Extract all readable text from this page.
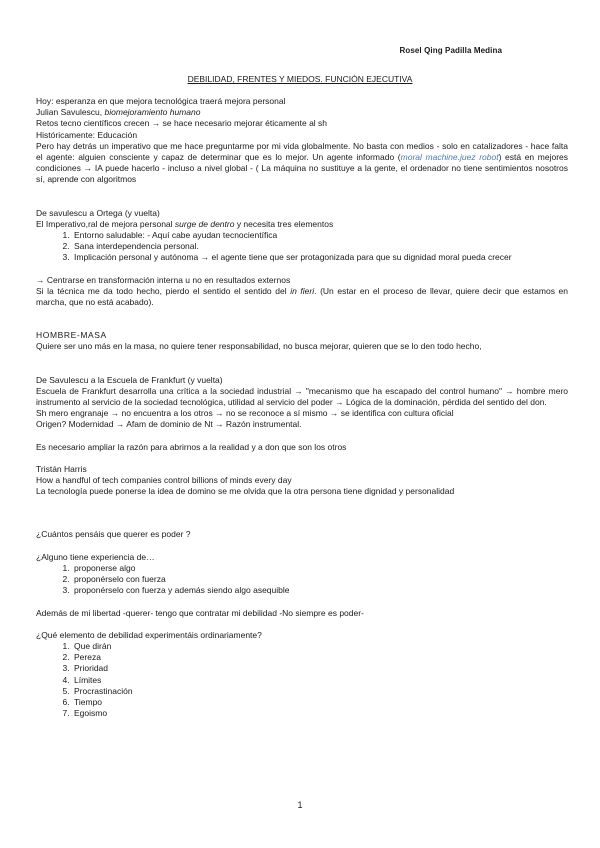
Rosel Qing Padilla Medina
DEBILIDAD, FRENTES Y MIEDOS. FUNCIÓN EJECUTIVA

Hoy: esperanza en que mejora tecnológica traerá mejora personal

Julian Savulescu, biomejoramiento humano

Retos tecno científicos crecen → se hace necesario mejorar éticamente al sh

Históricamente: Educación

Pero hay detrás un imperativo que me hace preguntarme por mi vida globalmente. No basta con medios - solo en catalizadores - hace falta el agente: alguien consciente y capaz de determinar que es lo mejor. Un agente informado (moral machine.juez robot) está en mejores condiciones → IA puede hacerlo - incluso a nivel global - ( La máquina no sustituye a la gente, el ordenador no tiene sentimientos nosotros sí, aprende con algoritmos

De savulescu a Ortega (y vuelta)

El Imperativo,ral de mejora personal surge de dentro y necesita tres elementos

1. Entorno saludable: - Aquí cabe ayudan tecnocientífica
2. Sana interdependencia personal.
3. Implicación personal y autónoma → el agente tiene que ser protagonizada para que su dignidad moral pueda crecer

→ Centrarse en transformación interna u no en resultados externos

Si la técnica me da todo hecho, pierdo el sentido el sentido del in fieri. (Un estar en el proceso de llevar, quiere decir que estamos en marcha, que no está acabado).

HOMBRE-MASA

Quiere ser uno más en la masa, no quiere tener responsabilidad, no busca mejorar, quieren que se lo den todo hecho,

De Savulescu a la Escuela de Frankfurt (y vuelta)

Escuela de Frankfurt desarrolla una crítica a la sociedad industrial → "mecanismo que ha escapado del control humano" → hombre mero instrumento al servicio de la sociedad tecnológica, utilidad al servicio del poder → Lógica de la dominación, pérdida del sentido del don.

Sh mero engranaje → no encuentra a los otros → no se reconoce a sí mismo → se identifica con cultura oficial

Origen? Modernidad → Afam de dominio de Nt → Razón instrumental.

Es necesario ampliar la razón para abrirnos a la realidad y a don que son los otros

Tristán Harris

How a handful of tech companies control billions of minds every day

La tecnología puede ponerse la idea de domino se me olvida que la otra persona tiene dignidad y personalidad

¿Cuántos pensáis que querer es poder ?

¿Alguno tiene experiencia de…

1. proponerse algo
2. proponérselo con fuerza
3. proponérselo con fuerza y además siendo algo asequible

Además de mi libertad -querer- tengo que contratar mi debilidad -No siempre es poder-

¿Qué elemento de debilidad experimentáis ordinariamente?

1. Que dirán
2. Pereza
3. Prioridad
4. Límites
5. Procrastinación
6. Tiempo
7. Egoismo
1
